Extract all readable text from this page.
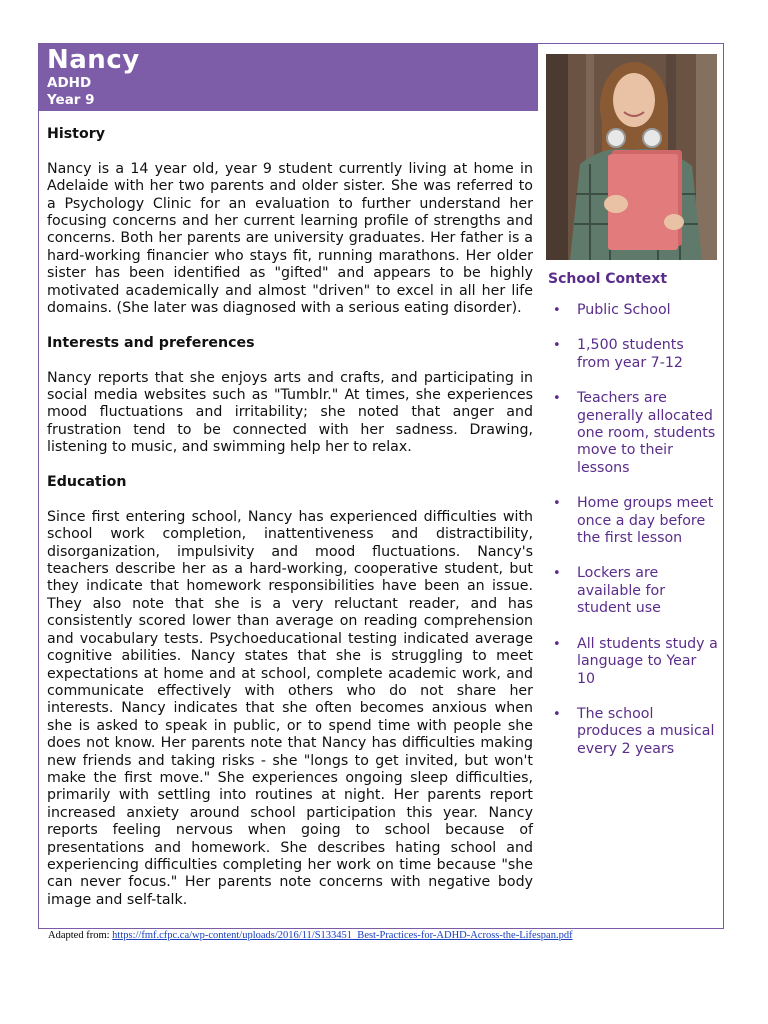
Nancy
ADHD
Year 9
History

Nancy is a 14 year old, year 9 student currently living at home in Adelaide with her two parents and older sister. She was referred to a Psychology Clinic for an evaluation to further understand her focusing concerns and her current learning profile of strengths and concerns. Both her parents are university graduates. Her father is a hard-working financier who stays fit, running marathons. Her older sister has been identified as "gifted" and appears to be highly motivated academically and almost "driven" to excel in all her life domains. (She later was diagnosed with a serious eating disorder).

Interests and preferences

Nancy reports that she enjoys arts and crafts, and participating in social media websites such as "Tumblr." At times, she experiences mood fluctuations and irritability; she noted that anger and frustration tend to be connected with her sadness. Drawing, listening to music, and swimming help her to relax.

Education

Since first entering school, Nancy has experienced difficulties with school work completion, inattentiveness and distractibility, disorganization, impulsivity and mood fluctuations. Nancy's teachers describe her as a hard-working, cooperative student, but they indicate that homework responsibilities have been an issue. They also note that she is a very reluctant reader, and has consistently scored lower than average on reading comprehension and vocabulary tests. Psychoeducational testing indicated average cognitive abilities. Nancy states that she is struggling to meet expectations at home and at school, complete academic work, and communicate effectively with others who do not share her interests. Nancy indicates that she often becomes anxious when she is asked to speak in public, or to spend time with people she does not know. Her parents note that Nancy has difficulties making new friends and taking risks - she "longs to get invited, but won't make the first move." She experiences ongoing sleep difficulties, primarily with settling into routines at night. Her parents report increased anxiety around school participation this year. Nancy reports feeling nervous when going to school because of presentations and homework. She describes hating school and experiencing difficulties completing her work on time because "she can never focus." Her parents note concerns with negative body image and self-talk.

School Context
• Public School
• 1,500 students from year 7-12
• Teachers are generally allocated one room, students move to their lessons
• Home groups meet once a day before the first lesson
• Lockers are available for student use
• All students study a language to Year 10
• The school produces a musical every 2 years
Adapted from: https://fmf.cfpc.ca/wp-content/uploads/2016/11/S133451_Best-Practices-for-ADHD-Across-the-Lifespan.pdf
